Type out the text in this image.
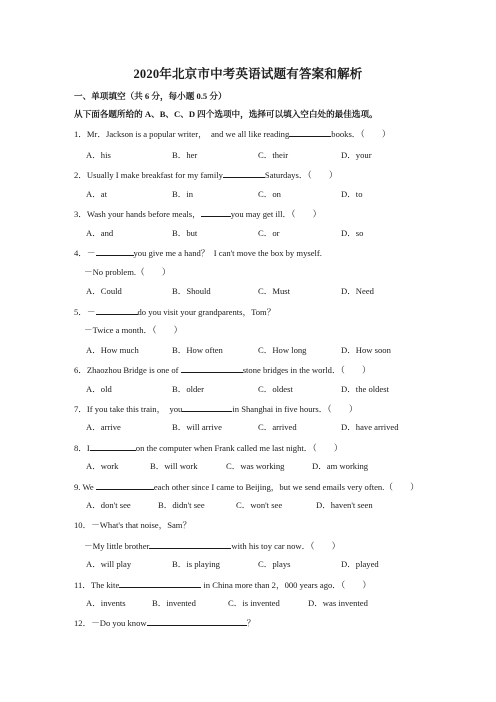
2020年北京市中考英语试题有答案和解析
一、单项填空（共 6 分，每小题 0.5 分）
从下面各题所给的 A、B、C、D 四个选项中，选择可以填入空白处的最佳选项。
1．Mr．Jackson is a popular writer，  and we all like reading	books．（        ）
A．his	B．her	C．their	D．your
2．Usually I make breakfast for my family	Saturdays．（        ）
A．at	B．in	C．on	D．to
3．Wash your hands before meals，	you may get ill．（        ）
A．and	B．but	C．or	D．so
4．－	you give me a hand？  I can't move the box by myself.
－No problem.（        ）
A．Could	B．Should	C．Must	D．Need
5．－	do you visit your grandparents，Tom？
－Twice a month．（        ）
A．How much	B．How often	C．How long	D．How soon
6．Zhaozhou Bridge is one of	stone bridges in the world．（        ）
A．old	B．older	C．oldest	D．the oldest
7．If you take this train，  you	in Shanghai in five hours．（        ）
A．arrive	B．will arrive	C．arrived	D．have arrived
8．I	on the computer when Frank called me last night．（        ）
A．work	B．will work	C．was working	D．am working
9. We	each other since I came to Beijing，but we send emails very often.（        ）
A．don't see	B．didn't see	C．won't see	D．haven't seen
10．－What's that noise，Sam？
－My little brother	with his toy car now．（        ）
A．will play	B．is playing	C．plays	D．played
11．The kite	in China more than 2，000 years ago．（        ）
A．invents	B．invented	C．is invented	D．was invented
12．－Do you know	？
